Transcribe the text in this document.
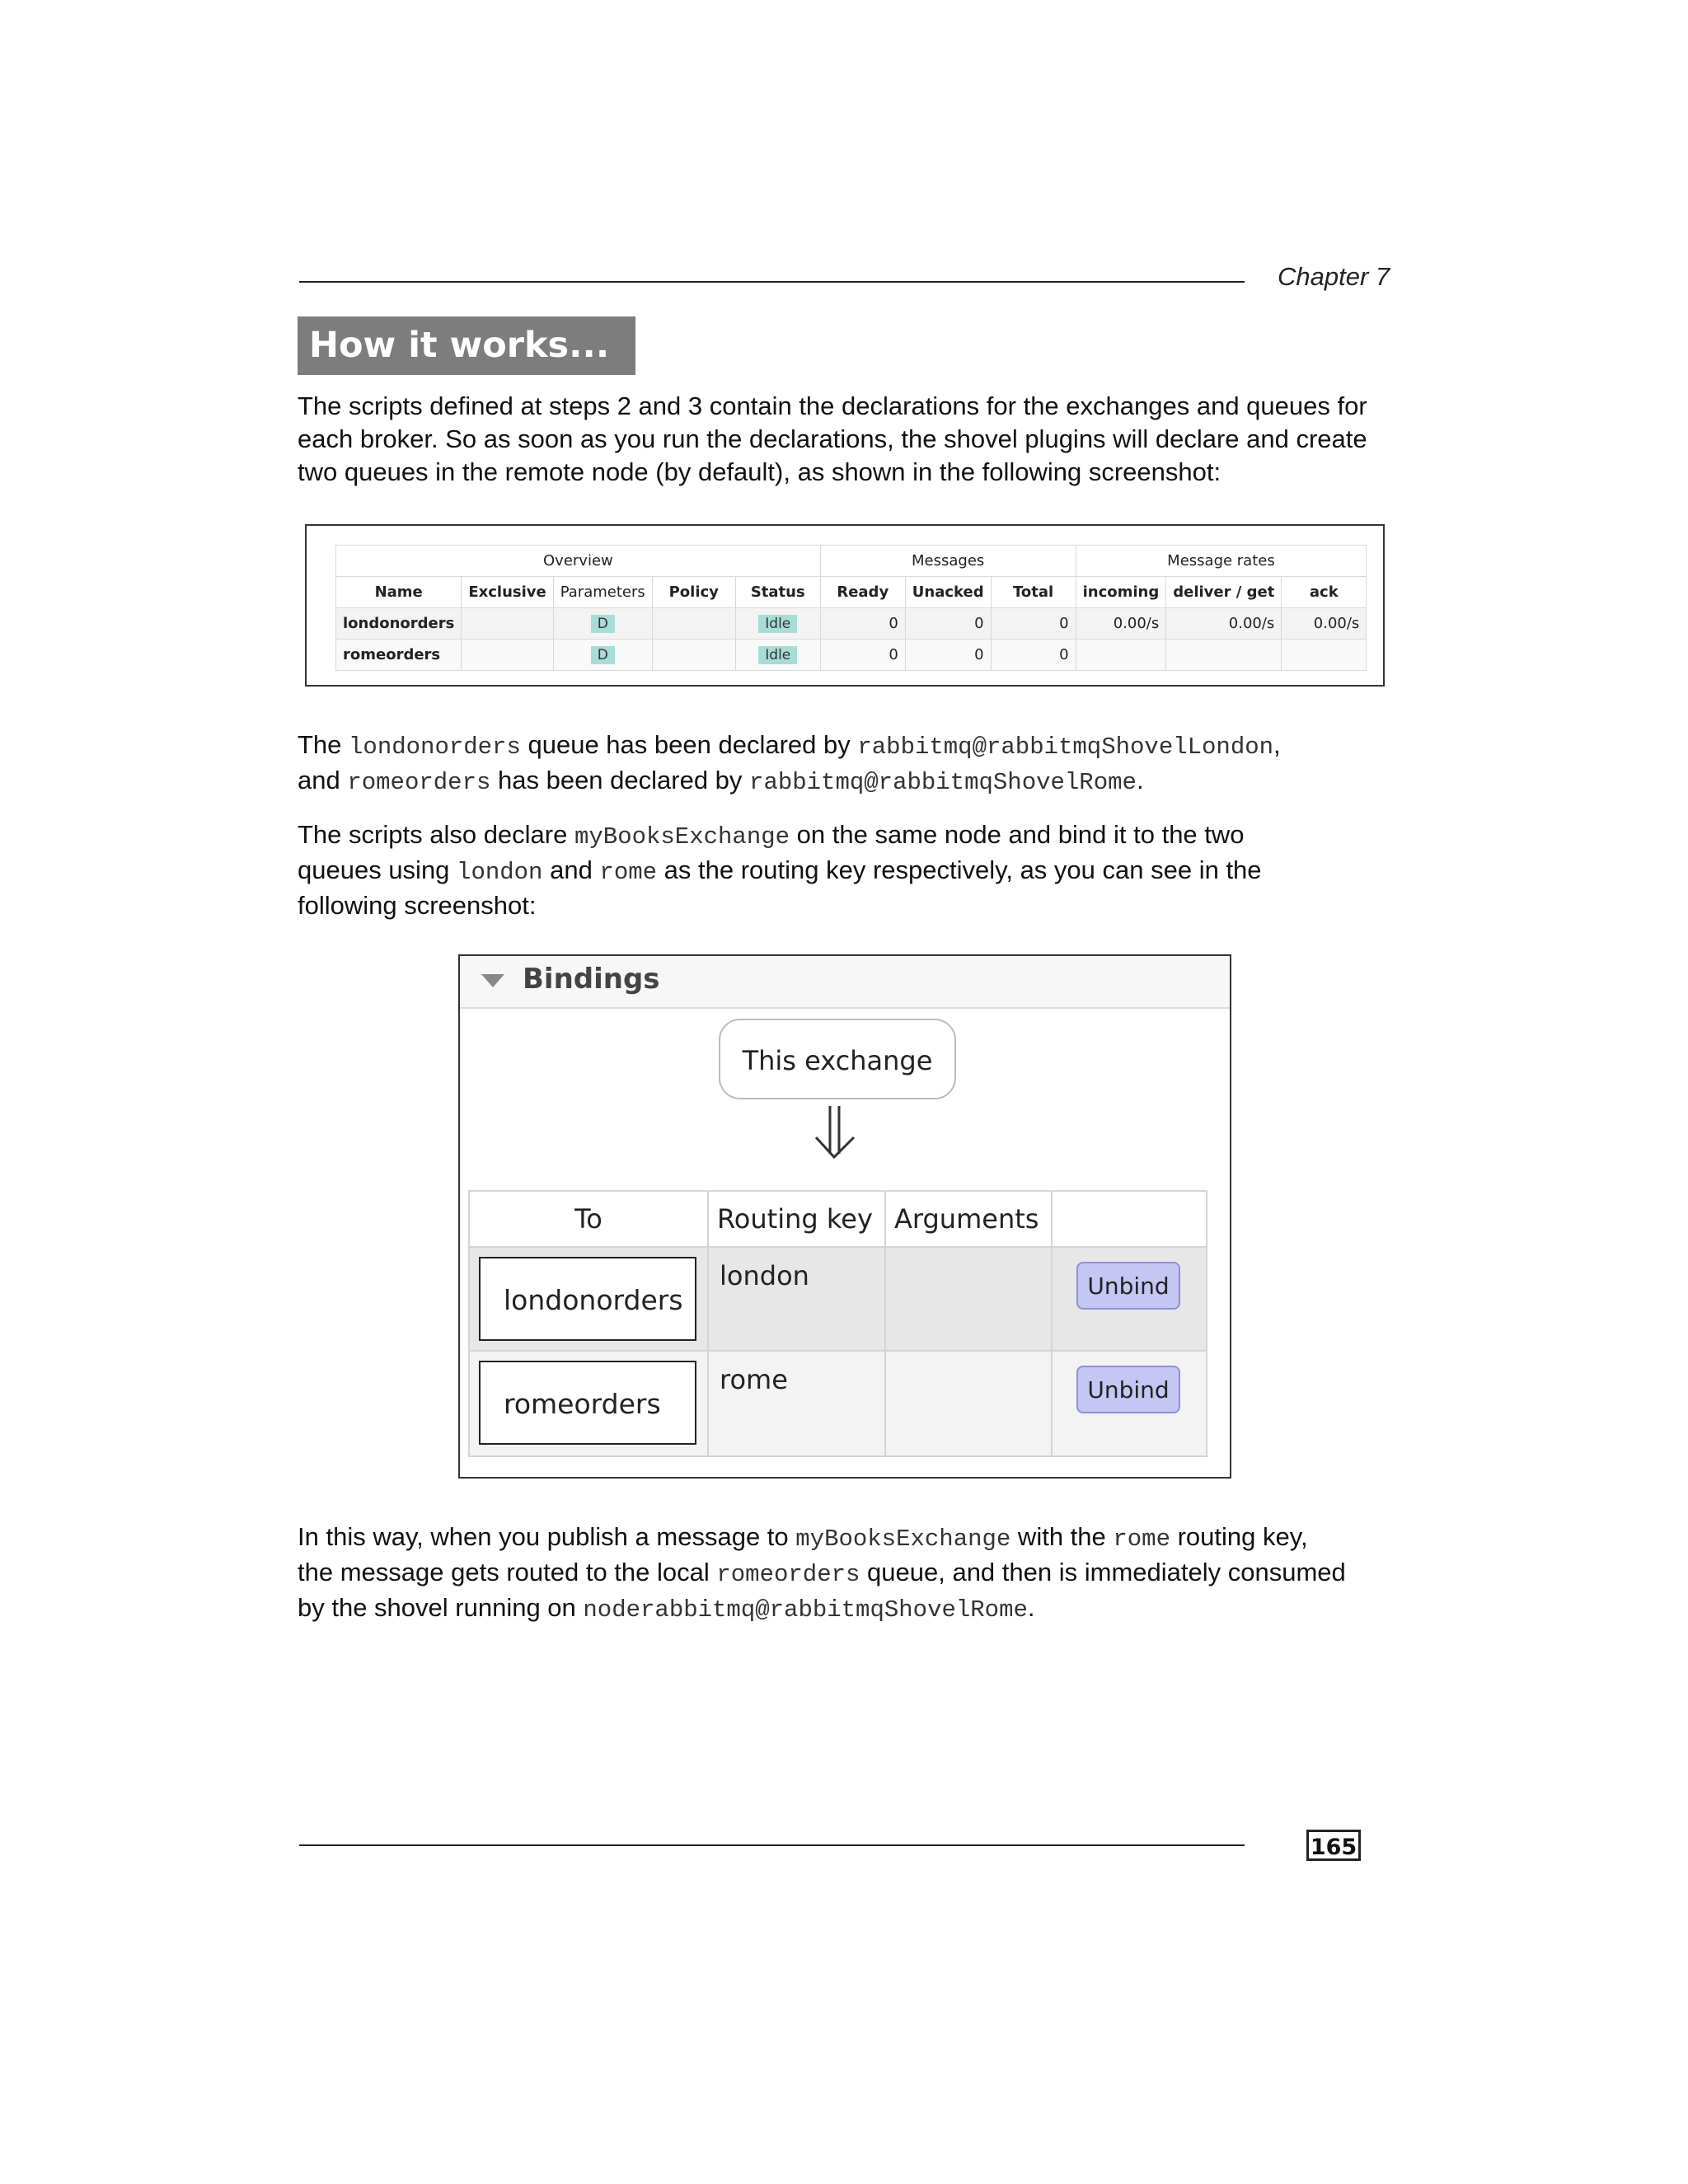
Chapter 7
How it works...

The scripts defined at steps 2 and 3 contain the declarations for the exchanges and queues for each broker. So as soon as you run the declarations, the shovel plugins will declare and create two queues in the remote node (by default), as shown in the following screenshot:

Overview					Messages			Message rates		
Name	Exclusive	Parameters	Policy	Status	Ready	Unacked	Total	incoming	deliver / get	ack
londonorders		D		Idle	0	0	0	0.00/s	0.00/s	0.00/s
romeorders		D		Idle	0	0	0			

The londonorders queue has been declared by rabbitmq@rabbitmqShovelLondon,

and romeorders has been declared by rabbitmq@rabbitmqShovelRome.

The scripts also declare myBooksExchange on the same node and bind it to the two

queues using london and rome as the routing key respectively, as you can see in the

following screenshot:

Bindings
This exchange
To	Routing key	Arguments	

londonorders	london		Unbind

romeorders	rome		Unbind

In this way, when you publish a message to myBooksExchange with the rome routing key,

the message gets routed to the local romeorders queue, and then is immediately consumed

by the shovel running on noderabbitmq@rabbitmqShovelRome.

165
